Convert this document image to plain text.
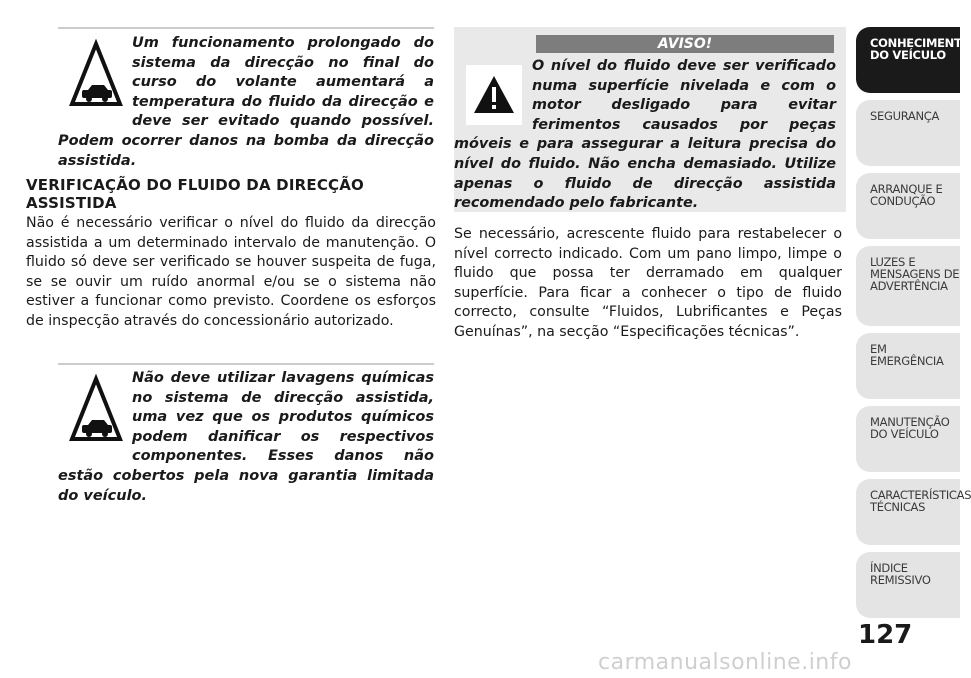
Um funcionamento prolongado do sistema da direcção no final do curso do volante aumentará a temperatura do fluido da direcção e deve ser evitado quando possível. Podem ocorrer danos na bomba da direcção assistida.
VERIFICAÇÃO DO FLUIDO DA DIRECÇÃO ASSISTIDA
Não é necessário verificar o nível do fluido da direcção assistida a um determinado intervalo de manutenção. O fluido só deve ser verificado se houver suspeita de fuga, se se ouvir um ruído anormal e/ou se o sistema não estiver a funcionar como previsto. Coordene os esforços de inspecção através do concessionário autorizado.
Não deve utilizar lavagens químicas no sistema de direcção assistida, uma vez que os produtos químicos podem danificar os respectivos componentes. Esses danos não estão cobertos pela nova garantia limitada do veículo.
O nível do fluido deve ser verificado numa superfície nivelada e com o motor desligado para evitar ferimentos causados por peças móveis e para assegurar a leitura precisa do nível do fluido. Não encha demasiado. Utilize apenas o fluido de direcção assistida recomendado pelo fabricante.
AVISO!
Se necessário, acrescente fluido para restabelecer o nível correcto indicado. Com um pano limpo, limpe o fluido que possa ter derramado em qualquer superfície. Para ficar a conhecer o tipo de fluido correcto, consulte “Fluidos, Lubrificantes e Peças Genuínas”, na secção “Especificações técnicas”.
CONHECIMENTO DO VEÍCULO
SEGURANÇA
ARRANQUE E CONDUÇÃO
LUZES E MENSAGENS DE ADVERTÊNCIA
EM EMERGÊNCIA
MANUTENÇÃO DO VEÍCULO
CARACTERÍSTICAS TÉCNICAS
ÍNDICE REMISSIVO
127
carmanualsonline.info
